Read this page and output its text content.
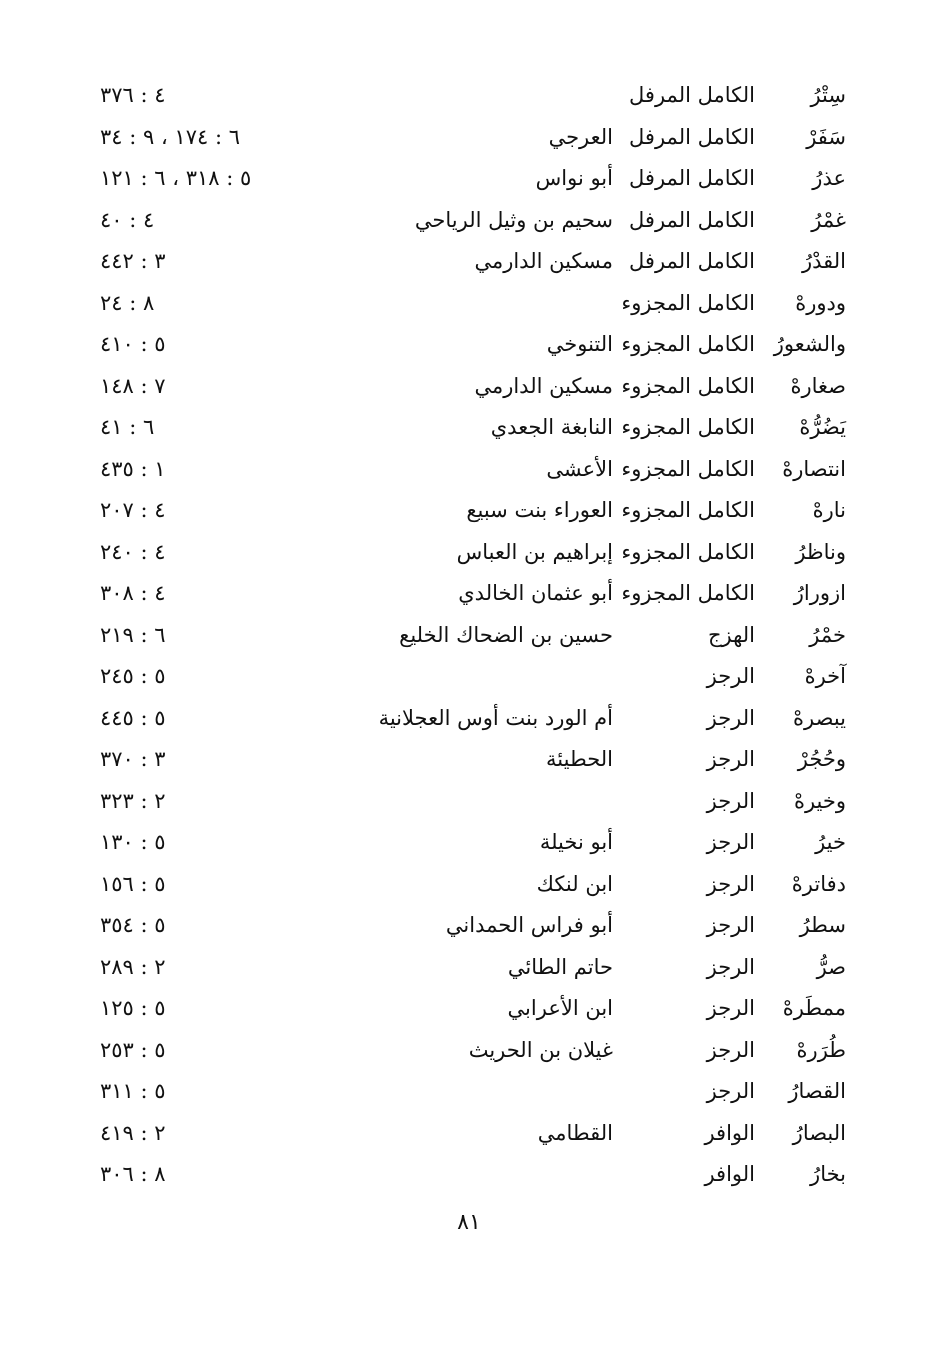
سِتْرُ
الكامل المرفل
٤ : ٣٧٦
سَفَرْ
الكامل المرفل
العرجي
٦ : ١٧٤ ، ٩ : ٣٤
عذرُ
الكامل المرفل
أبو نواس
٥ : ٣١٨ ، ٦ : ١٢١
غمْرُ
الكامل المرفل
سحيم بن وثيل الرياحي
٤ : ٤٠
القدْرُ
الكامل المرفل
مسكين الدارمي
٣ : ٤٤٢
ودورهْ
الكامل المجزوء
٨ : ٢٤
والشعورُ
الكامل المجزوء
التنوخي
٥ : ٤١٠
صغارهْ
الكامل المجزوء
مسكين الدارمي
٧ : ١٤٨
يَضُرُّهْ
الكامل المجزوء
النابغة الجعدي
٦ : ٤١
انتصارهْ
الكامل المجزوء
الأعشى
١ : ٤٣٥
نارهْ
الكامل المجزوء
العوراء بنت سبيع
٤ : ٢٠٧
وناظرُ
الكامل المجزوء
إبراهيم بن العباس
٤ : ٢٤٠
ازورارُ
الكامل المجزوء
أبو عثمان الخالدي
٤ : ٣٠٨
خمْرُ
الهزج
حسين بن الضحاك الخليع
٦ : ٢١٩
آخرهْ
الرجز
٥ : ٢٤٥
يبصرهْ
الرجز
أم الورد بنت أوس العجلانية
٥ : ٤٤٥
وحُجُرْ
الرجز
الحطيئة
٣ : ٣٧٠
وخيرهْ
الرجز
٢ : ٣٢٣
خيرُ
الرجز
أبو نخيلة
٥ : ١٣٠
دفاترهْ
الرجز
ابن لنكك
٥ : ١٥٦
سطرُ
الرجز
أبو فراس الحمداني
٥ : ٣٥٤
صرُّ
الرجز
حاتم الطائي
٢ : ٢٨٩
ممطَرهْ
الرجز
ابن الأعرابي
٥ : ١٢٥
طُرَرهْ
الرجز
غيلان بن الحريث
٥ : ٢٥٣
القصارُ
الرجز
٥ : ٣١١
البصارُ
الوافر
القطامي
٢ : ٤١٩
بخارُ
الوافر
٨ : ٣٠٦
٨١
